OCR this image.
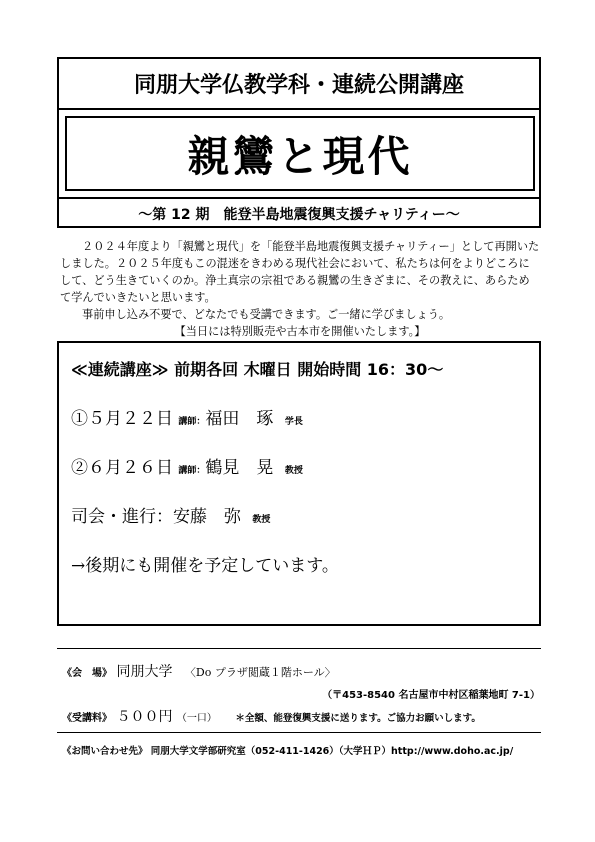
同朋大学仏教学科・連続公開講座
親鸞と現代
～第 12 期　能登半島地震復興支援チャリティー～

２０２４年度より「親鸞と現代」を「能登半島地震復興支援チャリティー」として再開いたしました。２０２５年度もこの混迷をきわめる現代社会において、私たちは何をよりどころにして、どう生きていくのか。浄土真宗の宗祖である親鸞の生きざまに、その教えに、あらためて学んでいきたいと思います。

事前申し込み不要で、どなたでも受講できます。ご一緒に学びましょう。

【当日には特別販売や古本市を開催いたします。】

≪連続講座≫ 前期各回 木曜日 開始時間 16：30～
①５月２２日 講師：福田　琢 学長
②６月２６日 講師：鶴見　晃 教授
司会・進行：安藤　弥 教授
→後期にも開催を予定しています。
《会　場》 同朋大学 〈Do プラザ閲蔵１階ホール〉
（〒453-8540 名古屋市中村区稲葉地町 7-1）
《受講料》 ５００円 （一口） ＊全額、能登復興支援に送ります。ご協力お願いします。
《お問い合わせ先》 同朋大学文学部研究室（052-411-1426）（大学ＨＰ）http://www.doho.ac.jp/
